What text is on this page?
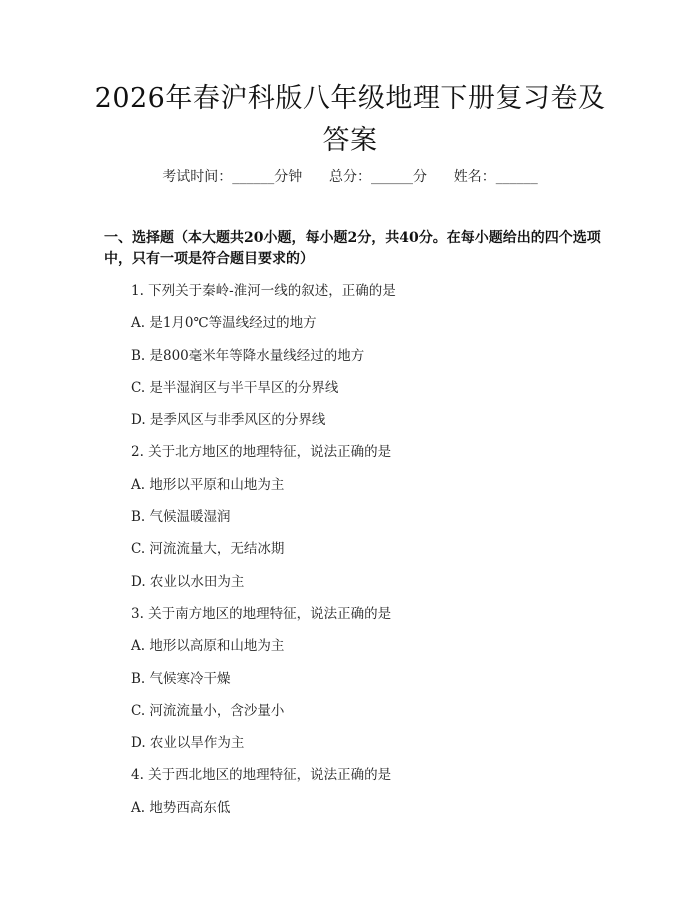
2026年春沪科版八年级地理下册复习卷及答案
考试时间：______分钟      总分：______分      姓名：______
一、选择题（本大题共20小题，每小题2分，共40分。在每小题给出的四个选项中，只有一项是符合题目要求的）
1. 下列关于秦岭-淮河一线的叙述，正确的是
A. 是1月0℃等温线经过的地方
B. 是800毫米年等降水量线经过的地方
C. 是半湿润区与半干旱区的分界线
D. 是季风区与非季风区的分界线
2. 关于北方地区的地理特征，说法正确的是
A. 地形以平原和山地为主
B. 气候温暖湿润
C. 河流流量大，无结冰期
D. 农业以水田为主
3. 关于南方地区的地理特征，说法正确的是
A. 地形以高原和山地为主
B. 气候寒冷干燥
C. 河流流量小，含沙量小
D. 农业以旱作为主
4. 关于西北地区的地理特征，说法正确的是
A. 地势西高东低
